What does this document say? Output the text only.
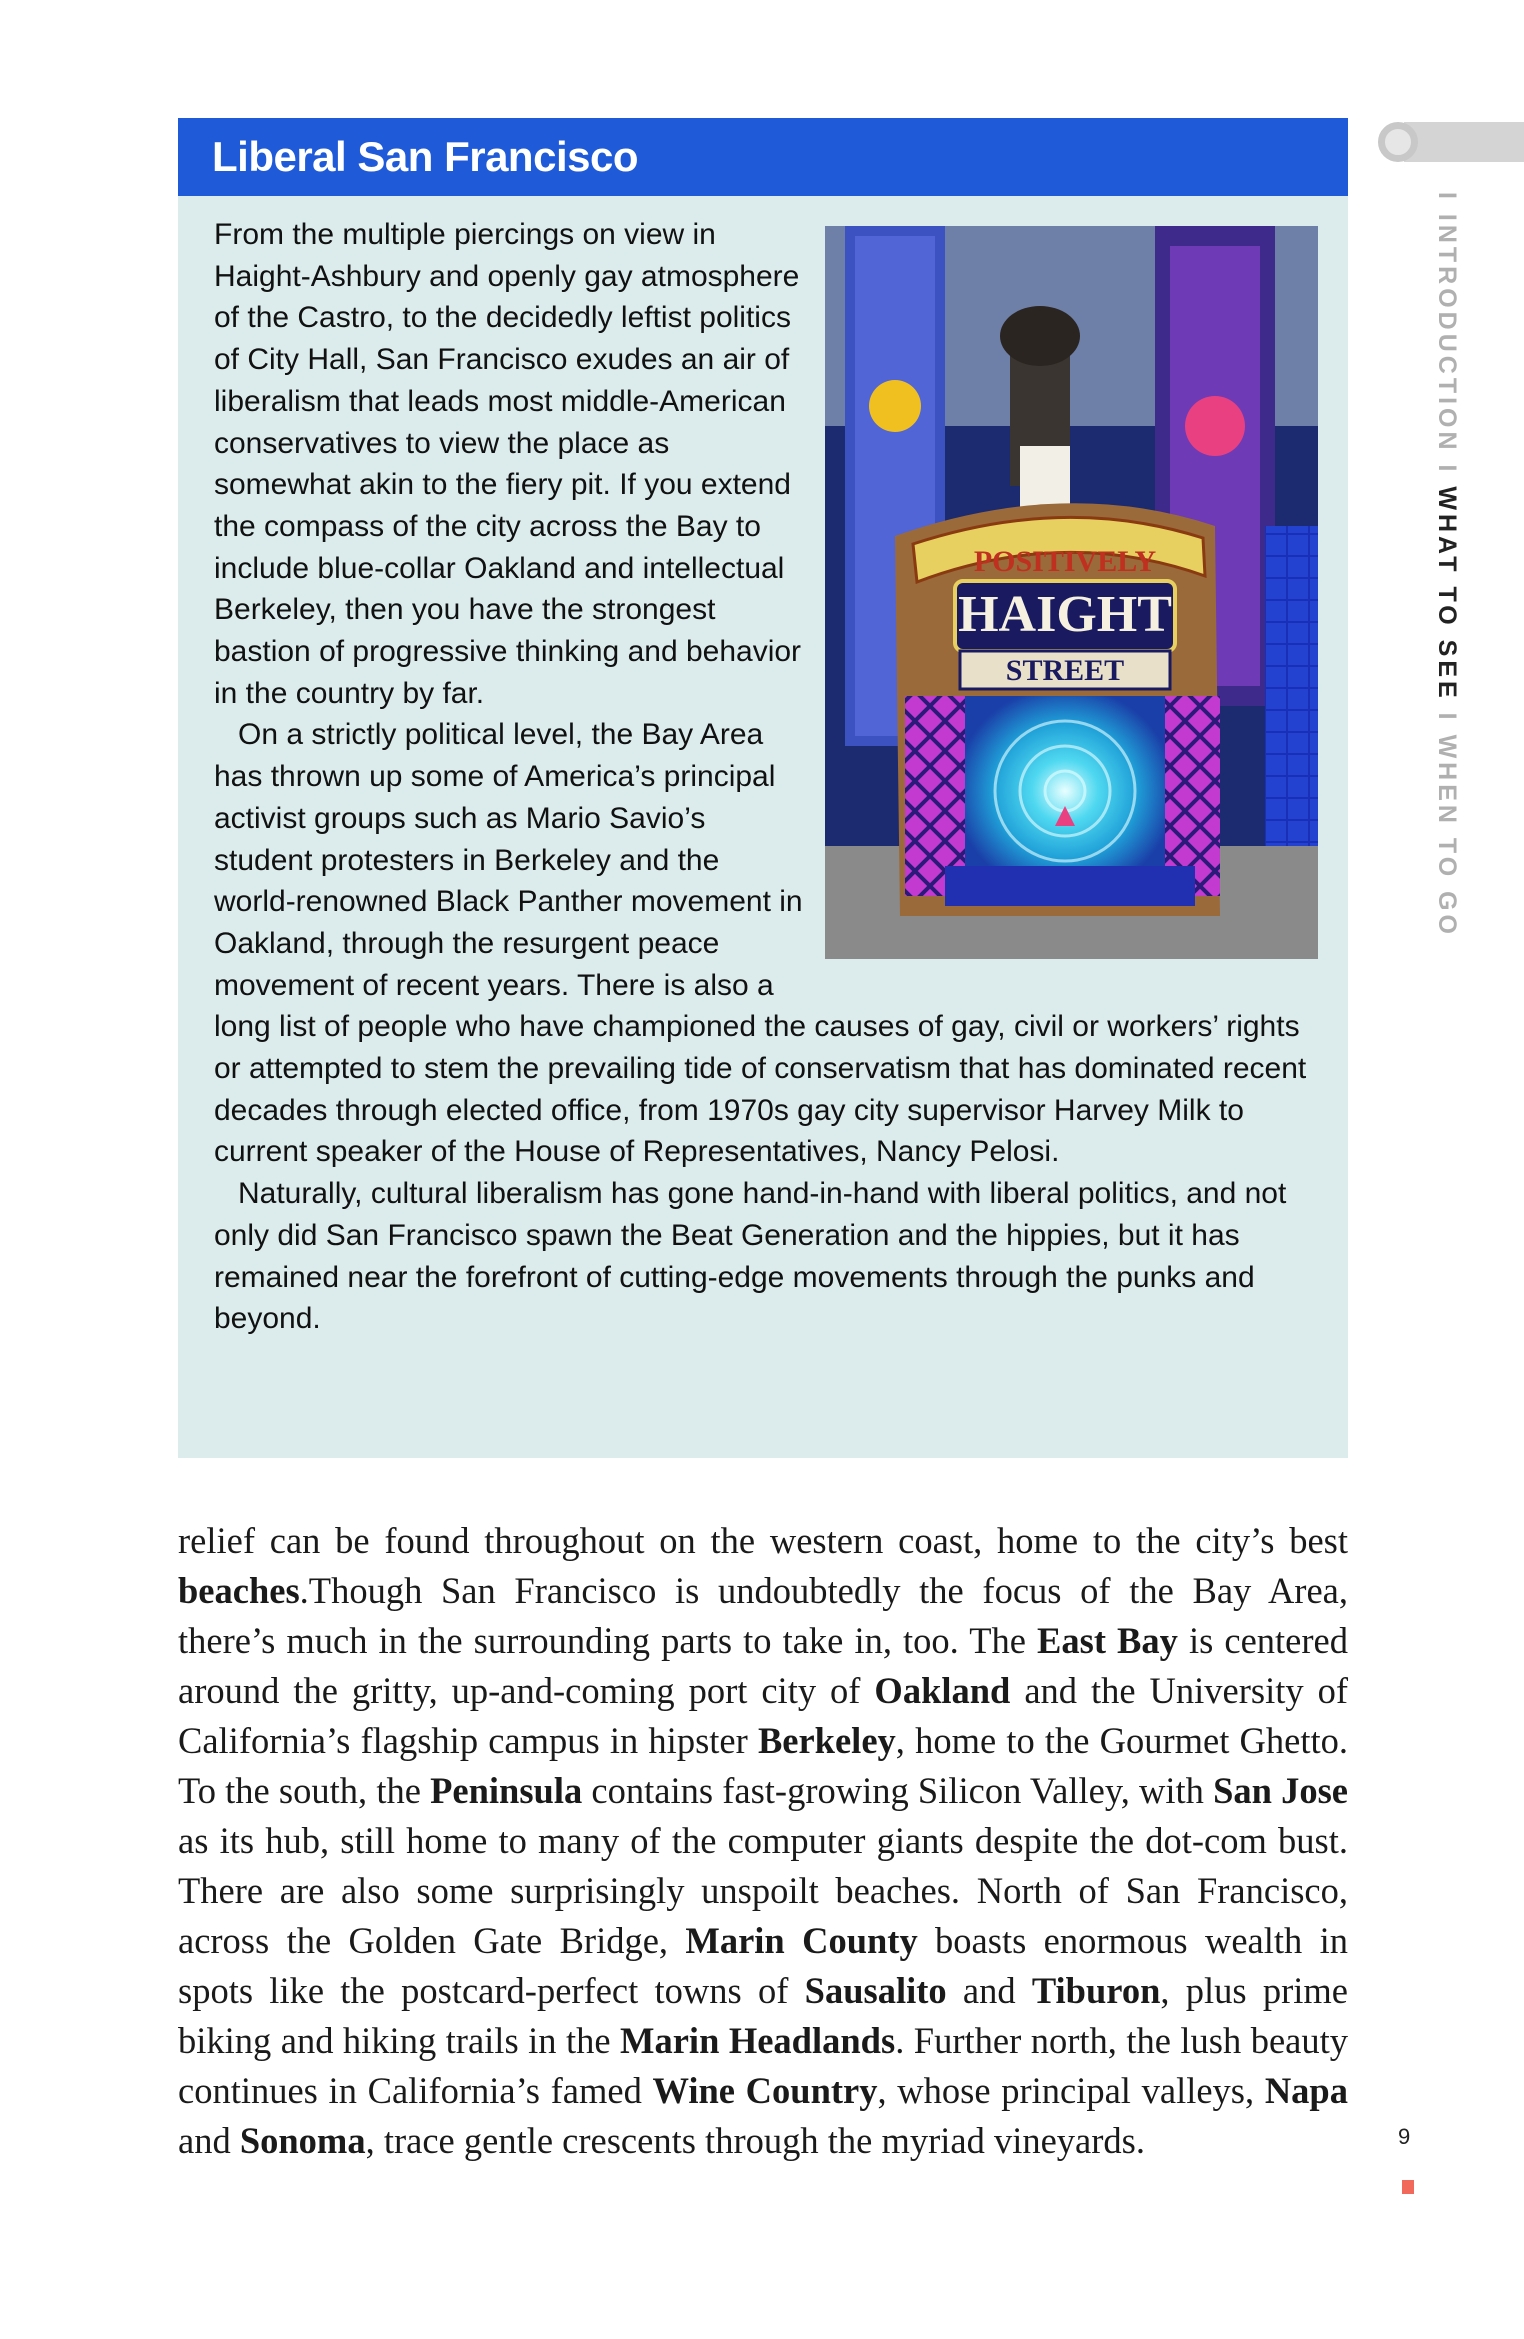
Liberal San Francisco
POSITIVELY
HAIGHT
STREET

From the multiple piercings on view in Haight-Ashbury and openly gay atmosphere of the Castro, to the decidedly leftist politics of City Hall, San Francisco exudes an air of liberalism that leads most middle-American conservatives to view the place as somewhat akin to the fiery pit. If you extend the compass of the city across the Bay to include blue-collar Oakland and intellectual Berkeley, then you have the strongest bastion of progressive thinking and behavior in the country by far.

On a strictly political level, the Bay Area has thrown up some of America’s principal activist groups such as Mario Savio’s student protesters in Berkeley and the world-renowned Black Panther movement in Oakland, through the resurgent peace movement of recent years. There is also a long list of people who have championed the causes of gay, civil or workers’ rights or attempted to stem the prevailing tide of conservatism that has dominated recent decades through elected office, from 1970s gay city supervisor Harvey Milk to current speaker of the House of Representatives, Nancy Pelosi.

Naturally, cultural liberalism has gone hand-in-hand with liberal politics, and not only did San Francisco spawn the Beat Generation and the hippies, but it has remained near the forefront of cutting-edge movements through the punks and beyond.

relief can be found throughout on the western coast, home to the city’s best beaches.Though San Francisco is undoubtedly the focus of the Bay Area, there’s much in the surrounding parts to take in, too. The East Bay is centered around the gritty, up-and-coming port city of Oakland and the University of California’s flagship campus in hipster Berkeley, home to the Gourmet Ghetto. To the south, the Peninsula contains fast-growing Silicon Valley, with San Jose as its hub, still home to many of the computer giants despite the dot-com bust. There are also some surprisingly unspoilt beaches. North of San Francisco, across the Golden Gate Bridge, Marin County boasts enormous wealth in spots like the postcard-perfect towns of Sausalito and Tiburon, plus prime biking and hiking trails in the Marin Headlands. Further north, the lush beauty continues in California’s famed Wine Country, whose principal valleys, Napa and Sonoma, trace gentle crescents through the myriad vineyards.

I INTRODUCTION I WHAT TO SEE I WHEN TO GO
9
